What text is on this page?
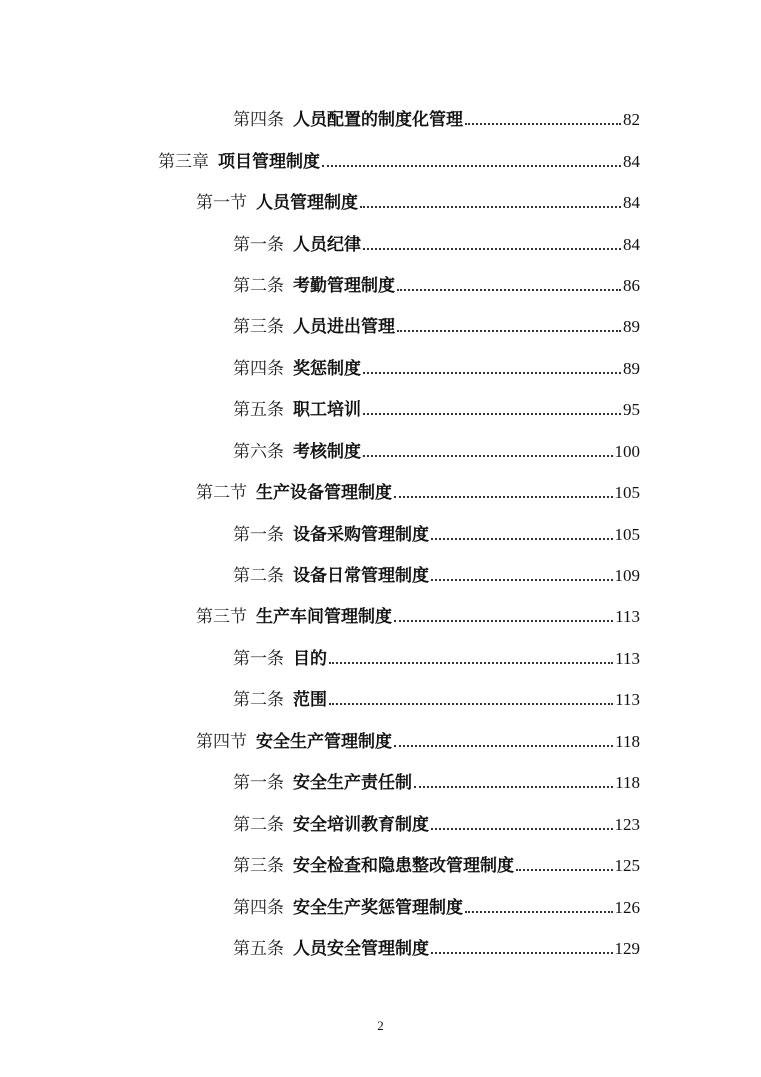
第四条 人员配置的制度化管理	82
第三章 项目管理制度	84
第一节 人员管理制度	84
第一条 人员纪律	84
第二条 考勤管理制度	86
第三条 人员进出管理	89
第四条 奖惩制度	89
第五条 职工培训	95
第六条 考核制度	100
第二节 生产设备管理制度	105
第一条 设备采购管理制度	105
第二条 设备日常管理制度	109
第三节 生产车间管理制度	113
第一条 目的	113
第二条 范围	113
第四节 安全生产管理制度	118
第一条 安全生产责任制	118
第二条 安全培训教育制度	123
第三条 安全检查和隐患整改管理制度	125
第四条 安全生产奖惩管理制度	126
第五条 人员安全管理制度	129
2
